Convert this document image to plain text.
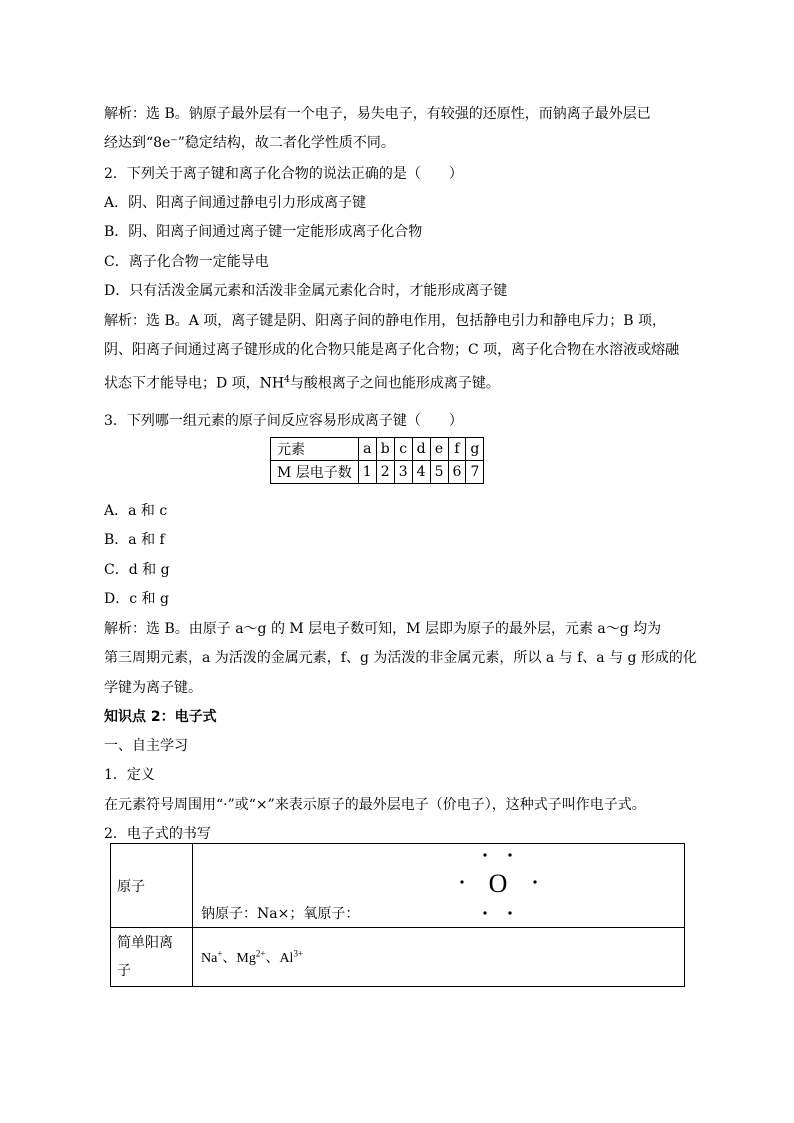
解析：选 B。钠原子最外层有一个电子，易失电子，有较强的还原性，而钠离子最外层已
经达到“8e⁻”稳定结构，故二者化学性质不同。
2．下列关于离子键和离子化合物的说法正确的是（　　）
A．阴、阳离子间通过静电引力形成离子键
B．阴、阳离子间通过离子键一定能形成离子化合物
C．离子化合物一定能导电
D．只有活泼金属元素和活泼非金属元素化合时，才能形成离子键
解析：选 B。A 项，离子键是阴、阳离子间的静电作用，包括静电引力和静电斥力；B 项，
阴、阳离子间通过离子键形成的化合物只能是离子化合物；C 项，离子化合物在水溶液或熔融
状态下才能导电；D 项，$NH^4$与酸根离子之间也能形成离子键。
3．下列哪一组元素的原子间反应容易形成离子键（　　）
元素	a	b	c	d	e	f	g
M 层电子数	1	2	3	4	5	6	7
A．a 和 c
B．a 和 f
C．d 和 g
D．c 和 g
解析：选 B。由原子 a～g 的 M 层电子数可知，M 层即为原子的最外层，元素 a～g 均为
第三周期元素，a 为活泼的金属元素，f、g 为活泼的非金属元素，所以 a 与 f、a 与 g 形成的化
学键为离子键。
知识点 2：电子式
一、自主学习
1．定义
在元素符号周围用“·”或“×”来表示原子的最外层电子（价电子），这种式子叫作电子式。
2．电子式的书写
原子	钠原子：Na×；氧原子：
O

简单阳离
子	Na+、$Mg^{2+}$、$Al^{3+}$
